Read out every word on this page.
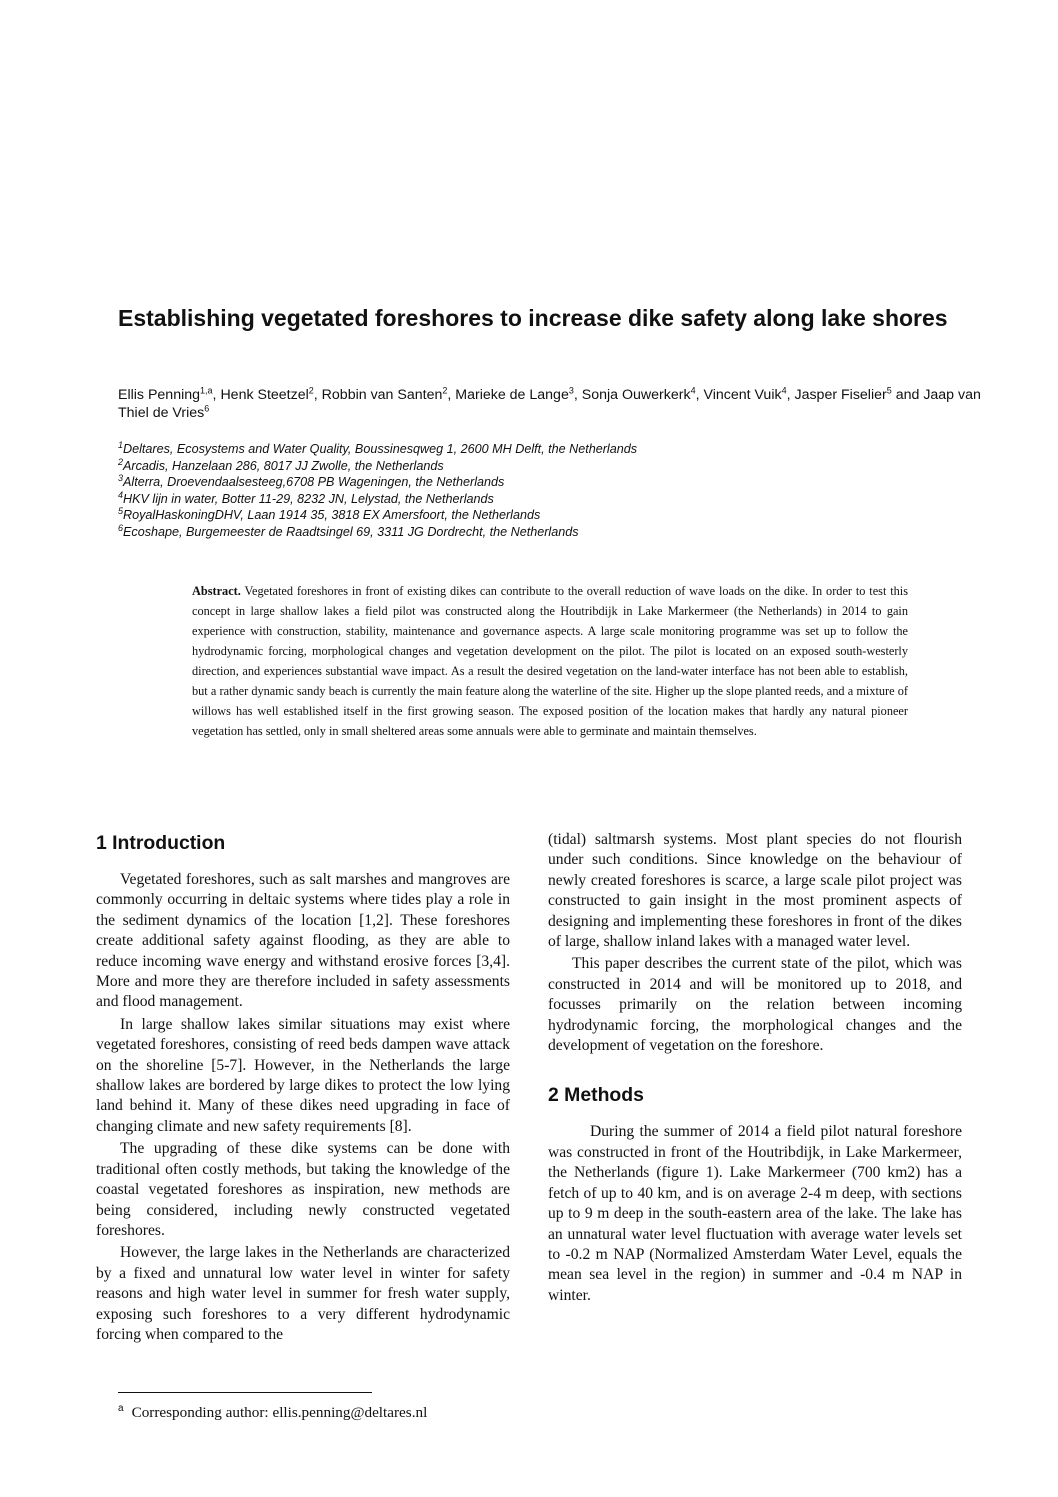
Establishing vegetated foreshores to increase dike safety along lake shores
Ellis Penning$^{1,a}$, Henk Steetzel$^2$, Robbin van Santen$^2$, Marieke de Lange$^3$, Sonja Ouwerkerk$^4$, Vincent Vuik$^4$, Jasper Fiselier$^5$ and Jaap van Thiel de Vries$^6$
$^1$Deltares, Ecosystems and Water Quality, Boussinesqweg 1, 2600 MH Delft, the Netherlands
$^2$Arcadis, Hanzelaan 286, 8017 JJ Zwolle, the Netherlands
$^3$Alterra, Droevendaalsesteeg,6708 PB Wageningen, the Netherlands
$^4$HKV lijn in water, Botter 11-29, 8232 JN, Lelystad, the Netherlands
$^5$RoyalHaskoningDHV, Laan 1914 35, 3818 EX Amersfoort, the Netherlands
$^6$Ecoshape, Burgemeester de Raadtsingel 69, 3311 JG Dordrecht, the Netherlands

Abstract. Vegetated foreshores in front of existing dikes can contribute to the overall reduction of wave loads on the dike. In order to test this concept in large shallow lakes a field pilot was constructed along the Houtribdijk in Lake Markermeer (the Netherlands) in 2014 to gain experience with construction, stability, maintenance and governance aspects. A large scale monitoring programme was set up to follow the hydrodynamic forcing, morphological changes and vegetation development on the pilot. The pilot is located on an exposed south-westerly direction, and experiences substantial wave impact. As a result the desired vegetation on the land-water interface has not been able to establish, but a rather dynamic sandy beach is currently the main feature along the waterline of the site. Higher up the slope planted reeds, and a mixture of willows has well established itself in the first growing season. The exposed position of the location makes that hardly any natural pioneer vegetation has settled, only in small sheltered areas some annuals were able to germinate and maintain themselves.

1 Introduction

Vegetated foreshores, such as salt marshes and mangroves are commonly occurring in deltaic systems where tides play a role in the sediment dynamics of the location [1,2]. These foreshores create additional safety against flooding, as they are able to reduce incoming wave energy and withstand erosive forces [3,4]. More and more they are therefore included in safety assessments and flood management.

In large shallow lakes similar situations may exist where vegetated foreshores, consisting of reed beds dampen wave attack on the shoreline [5-7]. However, in the Netherlands the large shallow lakes are bordered by large dikes to protect the low lying land behind it. Many of these dikes need upgrading in face of changing climate and new safety requirements [8].

The upgrading of these dike systems can be done with traditional often costly methods, but taking the knowledge of the coastal vegetated foreshores as inspiration, new methods are being considered, including newly constructed vegetated foreshores.

However, the large lakes in the Netherlands are characterized by a fixed and unnatural low water level in winter for safety reasons and high water level in summer for fresh water supply, exposing such foreshores to a very different hydrodynamic forcing when compared to the

(tidal) saltmarsh systems. Most plant species do not flourish under such conditions. Since knowledge on the behaviour of newly created foreshores is scarce, a large scale pilot project was constructed to gain insight in the most prominent aspects of designing and implementing these foreshores in front of the dikes of large, shallow inland lakes with a managed water level.

This paper describes the current state of the pilot, which was constructed in 2014 and will be monitored up to 2018, and focusses primarily on the relation between incoming hydrodynamic forcing, the morphological changes and the development of vegetation on the foreshore.

2 Methods

During the summer of 2014 a field pilot natural foreshore was constructed in front of the Houtribdijk, in Lake Markermeer, the Netherlands (figure 1). Lake Markermeer (700 km2) has a fetch of up to 40 km, and is on average 2-4 m deep, with sections up to 9 m deep in the south-eastern area of the lake. The lake has an unnatural water level fluctuation with average water levels set to -0.2 m NAP (Normalized Amsterdam Water Level, equals the mean sea level in the region) in summer and -0.4 m NAP in winter.

$^a$ Corresponding author: ellis.penning@deltares.nl
